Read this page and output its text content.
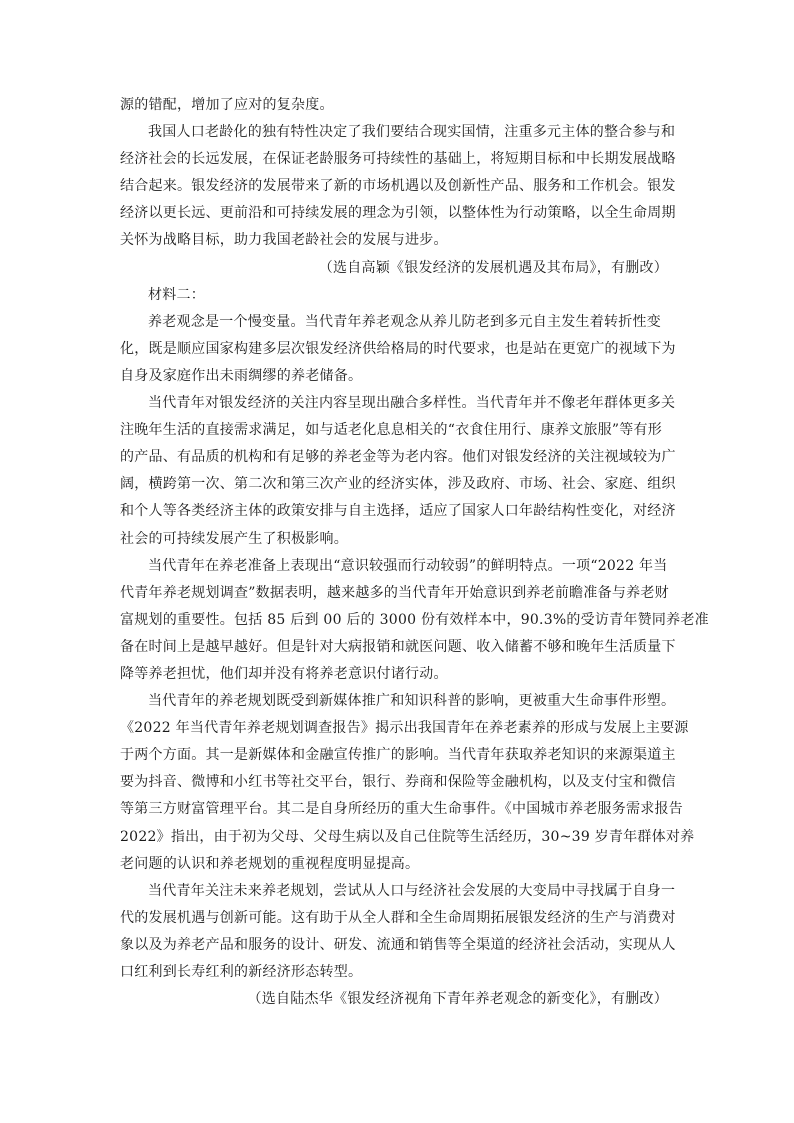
源的错配，增加了应对的复杂度。
我国人口老龄化的独有特性决定了我们要结合现实国情，注重多元主体的整合参与和
经济社会的长远发展，在保证老龄服务可持续性的基础上，将短期目标和中长期发展战略
结合起来。银发经济的发展带来了新的市场机遇以及创新性产品、服务和工作机会。银发
经济以更长远、更前沿和可持续发展的理念为引领，以整体性为行动策略，以全生命周期
关怀为战略目标，助力我国老龄社会的发展与进步。
（选自高颖《银发经济的发展机遇及其布局》，有删改）
材料二：
养老观念是一个慢变量。当代青年养老观念从养儿防老到多元自主发生着转折性变
化，既是顺应国家构建多层次银发经济供给格局的时代要求，也是站在更宽广的视域下为
自身及家庭作出未雨绸缪的养老储备。
当代青年对银发经济的关注内容呈现出融合多样性。当代青年并不像老年群体更多关
注晚年生活的直接需求满足，如与适老化息息相关的“衣食住用行、康养文旅服”等有形
的产品、有品质的机构和有足够的养老金等为老内容。他们对银发经济的关注视域较为广
阔，横跨第一次、第二次和第三次产业的经济实体，涉及政府、市场、社会、家庭、组织
和个人等各类经济主体的政策安排与自主选择，适应了国家人口年龄结构性变化，对经济
社会的可持续发展产生了积极影响。
当代青年在养老准备上表现出“意识较强而行动较弱”的鲜明特点。一项“2022 年当
代青年养老规划调查”数据表明，越来越多的当代青年开始意识到养老前瞻准备与养老财
富规划的重要性。包括 85 后到 00 后的 3000 份有效样本中，90.3%的受访青年赞同养老准
备在时间上是越早越好。但是针对大病报销和就医问题、收入储蓄不够和晚年生活质量下
降等养老担忧，他们却并没有将养老意识付诸行动。
当代青年的养老规划既受到新媒体推广和知识科普的影响，更被重大生命事件形塑。
《2022 年当代青年养老规划调查报告》揭示出我国青年在养老素养的形成与发展上主要源
于两个方面。其一是新媒体和金融宣传推广的影响。当代青年获取养老知识的来源渠道主
要为抖音、微博和小红书等社交平台，银行、券商和保险等金融机构，以及支付宝和微信
等第三方财富管理平台。其二是自身所经历的重大生命事件。《中国城市养老服务需求报告
2022》指出，由于初为父母、父母生病以及自己住院等生活经历，30~39 岁青年群体对养
老问题的认识和养老规划的重视程度明显提高。
当代青年关注未来养老规划，尝试从人口与经济社会发展的大变局中寻找属于自身一
代的发展机遇与创新可能。这有助于从全人群和全生命周期拓展银发经济的生产与消费对
象以及为养老产品和服务的设计、研发、流通和销售等全渠道的经济社会活动，实现从人
口红利到长寿红利的新经济形态转型。
（选自陆杰华《银发经济视角下青年养老观念的新变化》，有删改）
